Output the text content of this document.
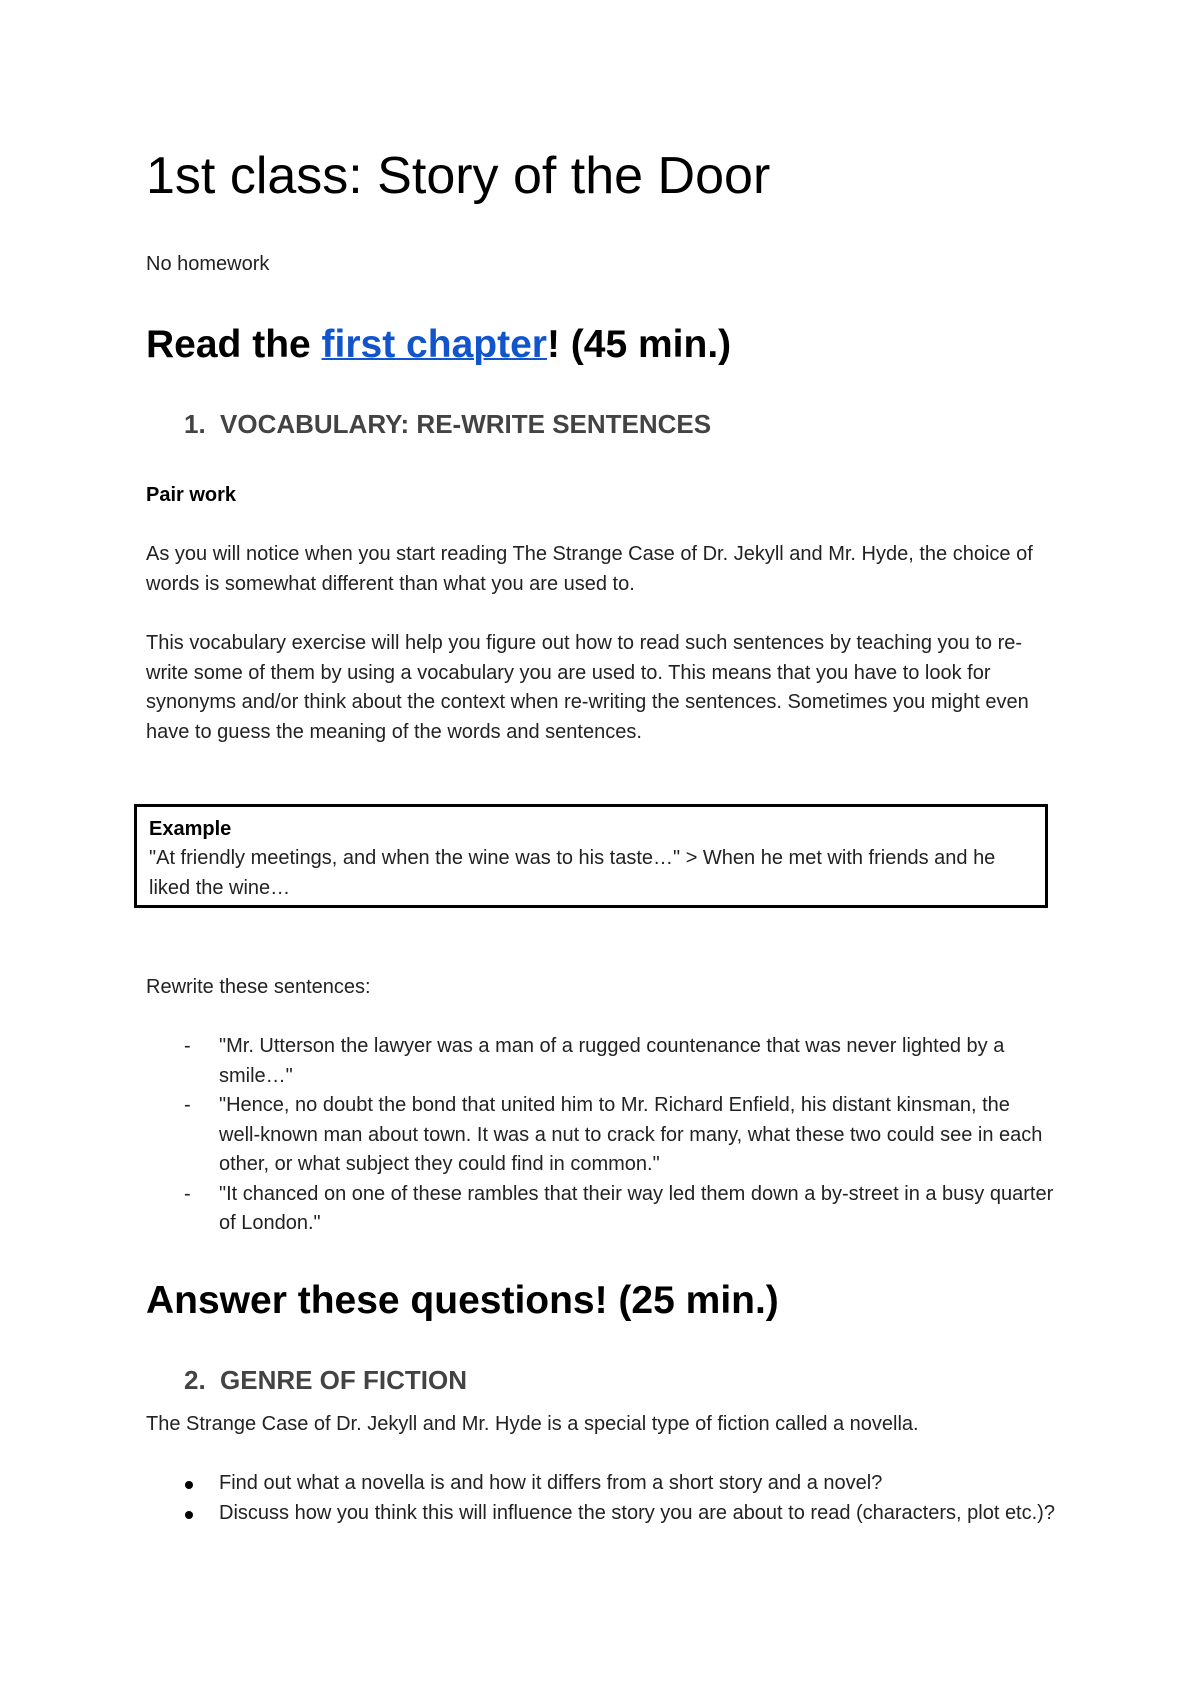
1st class: Story of the Door

No homework

Read the first chapter! (45 min.)
1. VOCABULARY: RE-WRITE SENTENCES

Pair work

As you will notice when you start reading The Strange Case of Dr. Jekyll and Mr. Hyde, the choice of words is somewhat different than what you are used to.

This vocabulary exercise will help you figure out how to read such sentences by teaching you to re-write some of them by using a vocabulary you are used to. This means that you have to look for synonyms and/or think about the context when re-writing the sentences. Sometimes you might even have to guess the meaning of the words and sentences.

Example

"At friendly meetings, and when the wine was to his taste…" > When he met with friends and he liked the wine…

Rewrite these sentences:

- "Mr. Utterson the lawyer was a man of a rugged countenance that was never lighted by a smile…"
- "Hence, no doubt the bond that united him to Mr. Richard Enfield, his distant kinsman, the well-known man about town. It was a nut to crack for many, what these two could see in each other, or what subject they could find in common."
- "It chanced on one of these rambles that their way led them down a by-street in a busy quarter of London."
Answer these questions! (25 min.)
2. GENRE OF FICTION

The Strange Case of Dr. Jekyll and Mr. Hyde is a special type of fiction called a novella.

Find out what a novella is and how it differs from a short story and a novel?
Discuss how you think this will influence the story you are about to read (characters, plot etc.)?
